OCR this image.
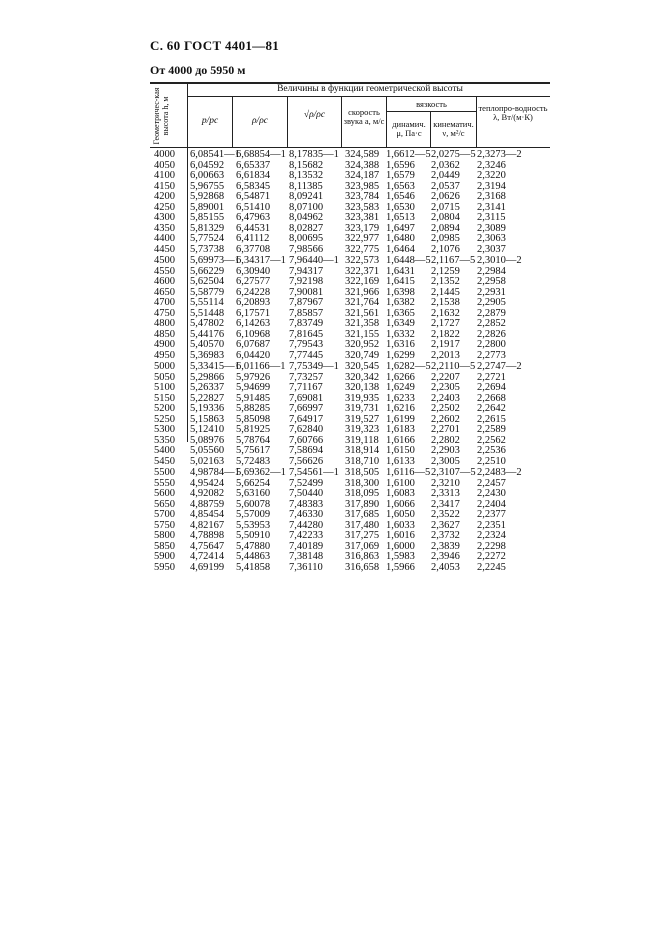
С. 60 ГОСТ 4401—81
От 4000 до 5950 м
Геометричес-кая высота h, м
Величины в функции геометрической высоты
p/pс	ρ/ρс
√ρ/ρс	скорость звука a, м/с
вязкость
динамич. μ, Па·с
кинематич. ν, м²/с
теплопро-водность λ, Вт/(м·К)
4000 6,08541—1
6,68854—1 8,17835—1 324,589 1,6612—5 2,0275—5 2,3273—2
4050 6,04592 6,65337 8,15682 324,388 1,6596 2,0362 2,3246
4100 6,00663 6,61834 8,13532 324,187 1,6579 2,0449 2,3220
4150 5,96755 6,58345 8,11385 323,985 1,6563 2,0537 2,3194
4200 5,92868 6,54871 8,09241 323,784 1,6546 2,0626 2,3168
4250 5,89001 6,51410 8,07100 323,583 1,6530 2,0715 2,3141
4300 5,85155 6,47963 8,04962 323,381 1,6513 2,0804 2,3115
4350 5,81329 6,44531 8,02827 323,179 1,6497 2,0894 2,3089
4400 5,77524 6,41112 8,00695 322,977 1,6480 2,0985 2,3063
4450 5,73738 6,37708 7,98566 322,775 1,6464 2,1076 2,3037
4500 5,69973—1
6,34317—1 7,96440—1 322,573 1,6448—5 2,1167—5 2,3010—2
4550 5,66229 6,30940 7,94317 322,371 1,6431 2,1259 2,2984
4600 5,62504 6,27577 7,92198 322,169 1,6415 2,1352 2,2958
4650 5,58779 6,24228 7,90081 321,966 1,6398 2,1445 2,2931
4700 5,55114 6,20893 7,87967 321,764 1,6382 2,1538 2,2905
4750 5,51448 6,17571 7,85857 321,561 1,6365 2,1632 2,2879
4800 5,47802 6,14263 7,83749 321,358 1,6349 2,1727 2,2852
4850 5,44176 6,10968 7,81645 321,155 1,6332 2,1822 2,2826
4900 5,40570 6,07687 7,79543 320,952 1,6316 2,1917 2,2800
4950 5,36983 6,04420 7,77445 320,749 1,6299 2,2013 2,2773
5000 5,33415—1
6,01166—1 7,75349—1 320,545 1,6282—5 2,2110—5 2,2747—2
5050 5,29866 5,97926 7,73257 320,342 1,6266 2,2207 2,2721
5100 5,26337 5,94699 7,71167 320,138 1,6249 2,2305 2,2694
5150 5,22827 5,91485 7,69081 319,935 1,6233 2,2403 2,2668
5200 5,19336 5,88285 7,66997 319,731 1,6216 2,2502 2,2642
5250 5,15863 5,85098 7,64917 319,527 1,6199 2,2602 2,2615
5300 5,12410 5,81925 7,62840 319,323 1,6183 2,2701 2,2589
5350 5,08976 5,78764 7,60766 319,118 1,6166 2,2802 2,2562
5400 5,05560 5,75617 7,58694 318,914 1,6150 2,2903 2,2536
5450 5,02163 5,72483 7,56626 318,710 1,6133 2,3005 2,2510
5500 4,98784—1
5,69362—1 7,54561—1 318,505 1,6116—5 2,3107—5 2,2483—2
5550 4,95424 5,66254 7,52499 318,300 1,6100 2,3210 2,2457
5600 4,92082 5,63160 7,50440 318,095 1,6083 2,3313 2,2430
5650 4,88759 5,60078 7,48383 317,890 1,6066 2,3417 2,2404
5700 4,85454 5,57009 7,46330 317,685 1,6050 2,3522 2,2377
5750 4,82167 5,53953 7,44280 317,480 1,6033 2,3627 2,2351
5800 4,78898 5,50910 7,42233 317,275 1,6016 2,3732 2,2324
5850 4,75647 5,47880 7,40189 317,069 1,6000 2,3839 2,2298
5900 4,72414 5,44863 7,38148 316,863 1,5983 2,3946 2,2272
5950 4,69199 5,41858 7,36110 316,658 1,5966 2,4053 2,2245
